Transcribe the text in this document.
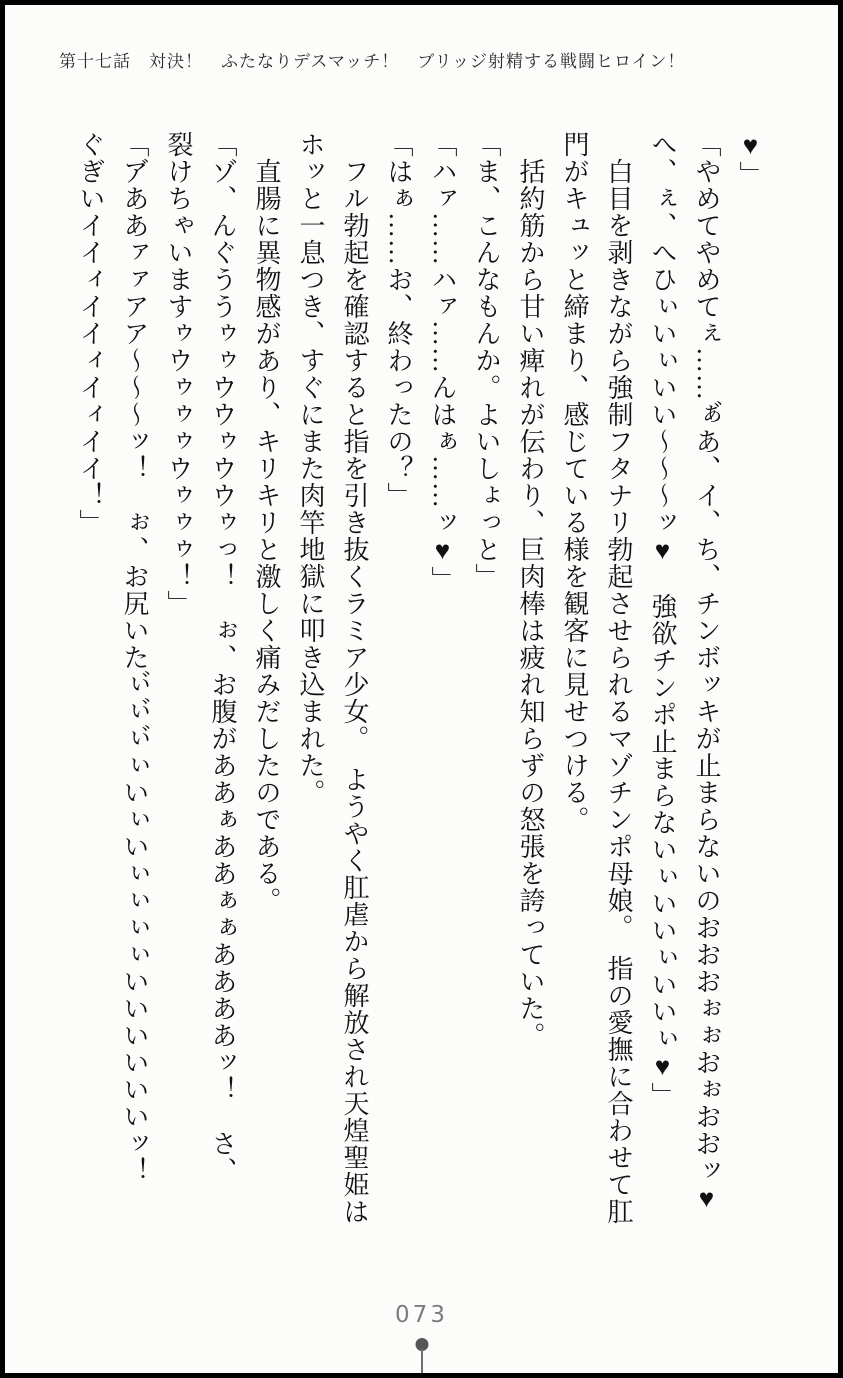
第十七話　対決！　ふたなりデスマッチ！　ブリッジ射精する戦闘ヒロイン！

♥」

「やめてやめてぇ……ぁ゙あ、イ、ち、チンボッキが止まらないのおおおぉぉおぉおおッ♥

へ、ぇ、へひぃいぃいい〜〜〜ッ♥　強欲チンポ止まらないぃいいぃいいぃ♥」

　白目を剥きながら強制フタナリ勃起させられるマゾチンポ母娘。　指の愛撫に合わせて肛

門がキュッと締まり、感じている様を観客に見せつける。

　括約筋から甘い痺れが伝わり、巨肉棒は疲れ知らずの怒張を誇っていた。

「ま、こんなもんか。よいしょっと」

「ハァ……ハァ……んはぁ……ッ♥」

「はぁ……お、終わったの？」

　フル勃起を確認すると指を引き抜くラミア少女。　ようやく肛虐から解放され天煌聖姫は

ホッと一息つき、すぐにまた肉竿地獄に叩き込まれた。

　直腸に異物感があり、キリキリと激しく痛みだしたのである。

「ゾ、んぐううゥゥウウゥウウゥっ！　ぉ、お腹がああぁああぁぁああああッ！　さ、

裂けちゃいますゥウゥゥゥウゥゥゥ！」

「ア゙ああァァアア〜〜〜ッ！　ぉ、お尻いたぃ゙ぃ゙ぃ゙ぃいぃいぃぃぃぃいいいいいいッ！

ぐぎいイイィイイィイィイイ！」

073
